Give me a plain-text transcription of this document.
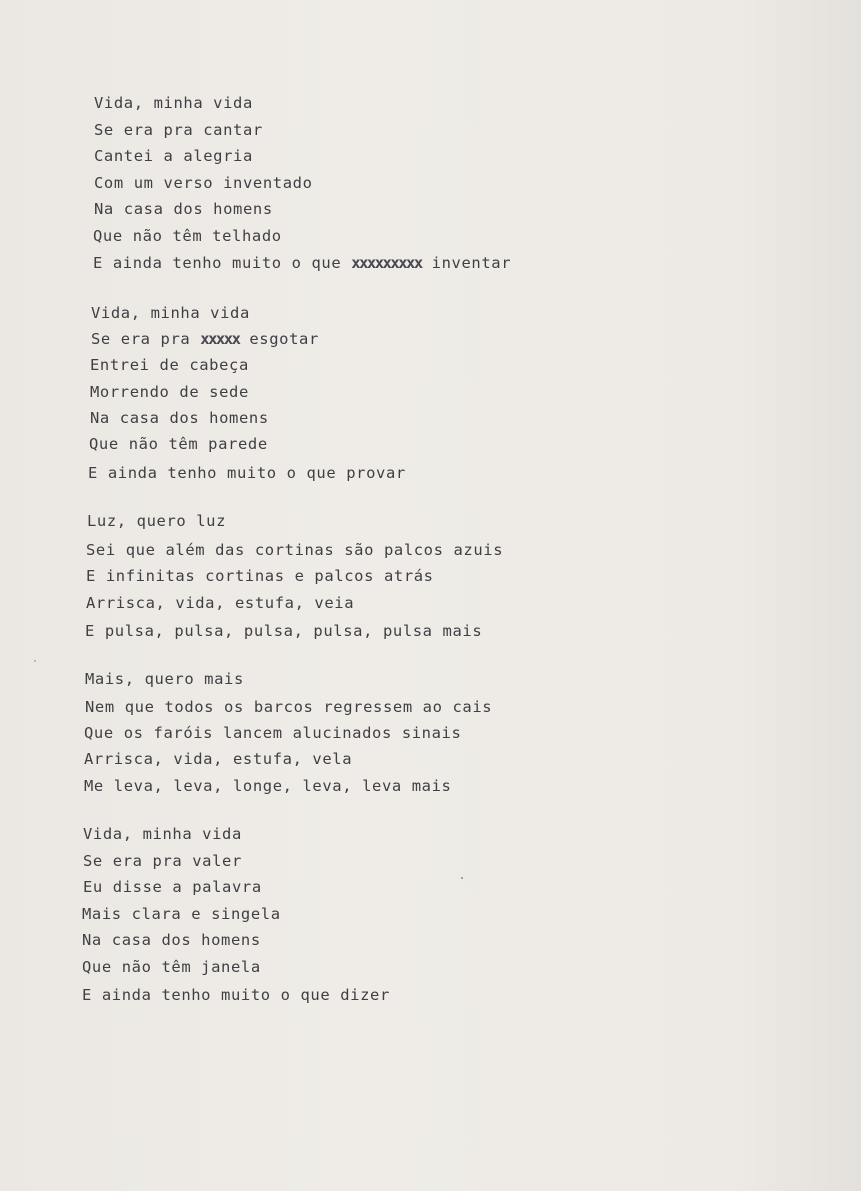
Vida, minha vida
Se era pra cantar
Cantei a alegria
Com um verso inventado
Na casa dos homens
Que não têm telhado
E ainda tenho muito o que xxxxxxxxx inventar
Vida, minha vida
Se era pra xxxxx esgotar
Entrei de cabeça
Morrendo de sede
Na casa dos homens
Que não têm parede
E ainda tenho muito o que provar
Luz, quero luz
Sei que além das cortinas são palcos azuis
E infinitas cortinas e palcos atrás
Arrisca, vida, estufa, veia
E pulsa, pulsa, pulsa, pulsa, pulsa mais
Mais, quero mais
Nem que todos os barcos regressem ao cais
Que os faróis lancem alucinados sinais
Arrisca, vida, estufa, vela
Me leva, leva, longe, leva, leva mais
Vida, minha vida
Se era pra valer
Eu disse a palavra
Mais clara e singela
Na casa dos homens
Que não têm janela
E ainda tenho muito o que dizer
